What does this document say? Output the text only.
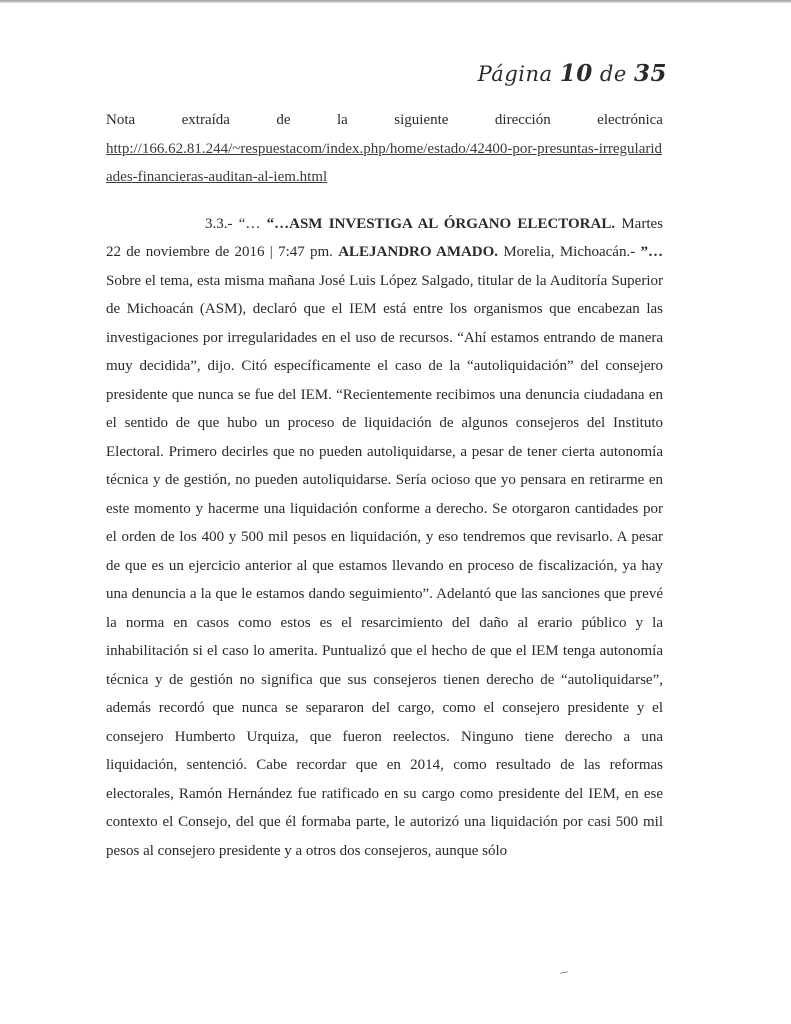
Página 10 de 35
Nota	extraída	de	la	siguiente	dirección	electrónica
http://166.62.81.244/~respuestacom/index.php/home/estado/42400-por-presuntas-irregularidades-financieras-auditan-al-iem.html
3.3.- “… “…ASM INVESTIGA AL ÓRGANO ELECTORAL. Martes 22 de noviembre de 2016 | 7:47 pm. ALEJANDRO AMADO. Morelia, Michoacán.- ”…Sobre el tema, esta misma mañana José Luis López Salgado, titular de la Auditoría Superior de Michoacán (ASM), declaró que el IEM está entre los organismos que encabezan las investigaciones por irregularidades en el uso de recursos. “Ahí estamos entrando de manera muy decidida”, dijo. Citó específicamente el caso de la “autoliquidación” del consejero presidente que nunca se fue del IEM. “Recientemente recibimos una denuncia ciudadana en el sentido de que hubo un proceso de liquidación de algunos consejeros del Instituto Electoral. Primero decirles que no pueden autoliquidarse, a pesar de tener cierta autonomía técnica y de gestión, no pueden autoliquidarse. Sería ocioso que yo pensara en retirarme en este momento y hacerme una liquidación conforme a derecho. Se otorgaron cantidades por el orden de los 400 y 500 mil pesos en liquidación, y eso tendremos que revisarlo. A pesar de que es un ejercicio anterior al que estamos llevando en proceso de fiscalización, ya hay una denuncia a la que le estamos dando seguimiento”. Adelantó que las sanciones que prevé la norma en casos como estos es el resarcimiento del daño al erario público y la inhabilitación si el caso lo amerita. Puntualizó que el hecho de que el IEM tenga autonomía técnica y de gestión no significa que sus consejeros tienen derecho de “autoliquidarse”, además recordó que nunca se separaron del cargo, como el consejero presidente y el consejero Humberto Urquiza, que fueron reelectos. Ninguno tiene derecho a una liquidación, sentenció. Cabe recordar que en 2014, como resultado de las reformas electorales, Ramón Hernández fue ratificado en su cargo como presidente del IEM, en ese contexto el Consejo, del que él formaba parte, le autorizó una liquidación por casi 500 mil pesos al consejero presidente y a otros dos consejeros, aunque sólo
